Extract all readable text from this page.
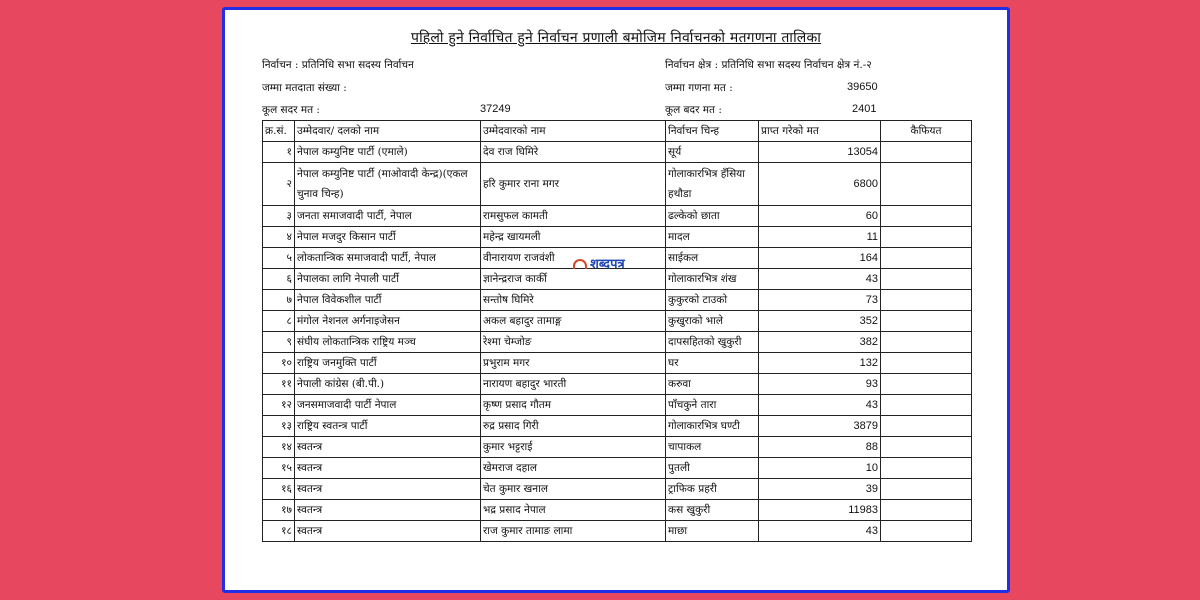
पहिलो हुने निर्वाचित हुने निर्वाचन प्रणाली बमोजिम निर्वाचनको मतगणना तालिका
निर्वाचन : प्रतिनिधि सभा सदस्य निर्वाचन	निर्वाचन क्षेत्र : प्रतिनिधि सभा सदस्य निर्वाचन क्षेत्र नं.-२
जम्मा मतदाता संख्या :	जम्मा गणना मत :	39650
कूल सदर मत :	37249	कूल बदर मत :	2401
क्र.सं.	उम्मेदवार/ दलको नाम	उम्मेदवारको नाम	निर्वाचन चिन्ह	प्राप्त गरेको मत	कैफियत
१	नेपाल कम्युनिष्ट पार्टी (एमाले)	देव राज घिमिरे	सूर्य	13054	
२	नेपाल कम्युनिष्ट पार्टी (माओवादी केन्द्र)(एकल चुनाव चिन्ह)	हरि कुमार राना मगर	गोलाकारभित्र हँसिया हथौडा	6800	
३	जनता समाजवादी पार्टी, नेपाल	रामसुफल कामती	ढल्केको छाता	60	
४	नेपाल मजदुर किसान पार्टी	महेन्द्र खायमली	मादल	11	
५	लोकतान्त्रिक समाजवादी पार्टी, नेपाल	वीनारायण राजवंशी	साईकल	164	
६	नेपालका लागि नेपाली पार्टी	ज्ञानेन्द्रराज कार्की	गोलाकारभित्र शंख	43	
७	नेपाल विवेकशील पार्टी	सन्तोष घिमिरे	कुकुरको टाउको	73	
८	मंगोल नेशनल अर्गनाइजेसन	अकल बहादुर तामाङ्ग	कुखुराको भाले	352	
९	संघीय लोकतान्त्रिक राष्ट्रिय मञ्च	रेश्मा चेम्जोङ	दापसहितको खुकुरी	382	
१०	राष्ट्रिय जनमुक्ति पार्टी	प्रभुराम मगर	घर	132	
११	नेपाली कांग्रेस (बी.पी.)	नारायण बहादुर भारती	करुवा	93	
१२	जनसमाजवादी पार्टी नेपाल	कृष्ण प्रसाद गौतम	पाँचकुने तारा	43	
१३	राष्ट्रिय स्वतन्त्र पार्टी	रुद्र प्रसाद गिरी	गोलाकारभित्र घण्टी	3879	
१४	स्वतन्त्र	कुमार भट्टराई	चापाकल	88	
१५	स्वतन्त्र	खेमराज दहाल	पुतली	10	
१६	स्वतन्त्र	चेत कुमार खनाल	ट्राफिक प्रहरी	39	
१७	स्वतन्त्र	भद्र प्रसाद नेपाल	कस खुकुरी	11983	
१८	स्वतन्त्र	राज कुमार तामाङ लामा	माछा	43	
शब्दपत्र
